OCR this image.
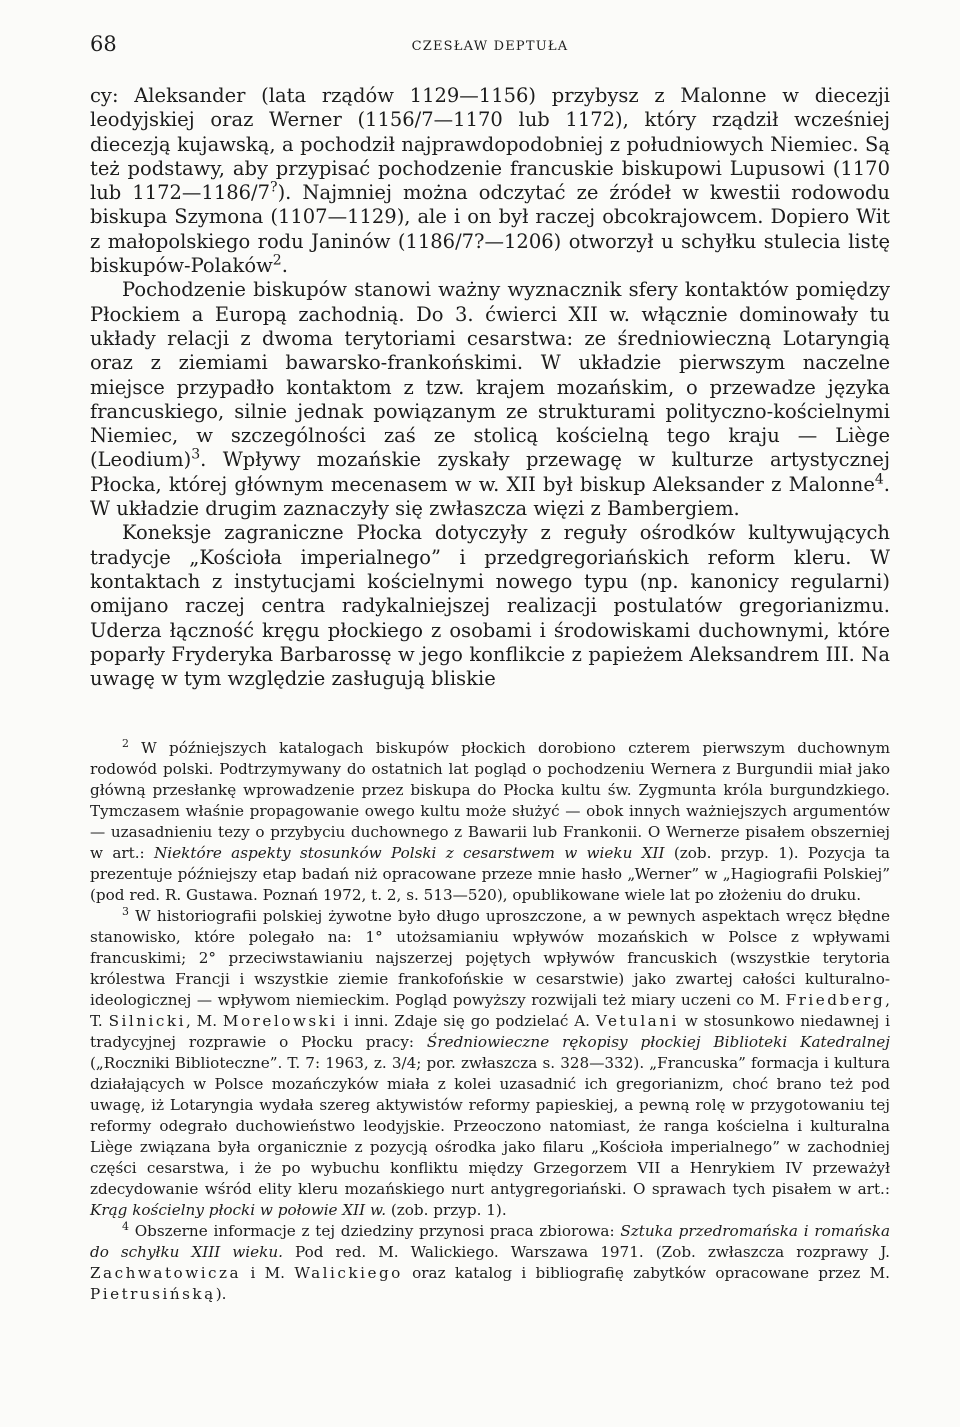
68	CZESŁAW DEPTUŁA

cy: Aleksander (lata rządów 1129—1156) przybysz z Malonne w diecezji leodyjskiej oraz Werner (1156/7—1170 lub 1172), który rządził wcześniej diecezją kujawską, a pochodził najprawdopodobniej z południowych Niemiec. Są też podstawy, aby przypisać pochodzenie francuskie biskupowi Lupusowi (1170 lub 1172—1186/7?). Najmniej można odczytać ze źródeł w kwestii rodowodu biskupa Szymona (1107—1129), ale i on był raczej obcokrajowcem. Dopiero Wit z małopolskiego rodu Janinów (1186/7?—1206) otworzył u schyłku stulecia listę biskupów-Polaków$^2$.

Pochodzenie biskupów stanowi ważny wyznacznik sfery kontaktów pomiędzy Płockiem a Europą zachodnią. Do 3. ćwierci XII w. włącznie dominowały tu układy relacji z dwoma terytoriami cesarstwa: ze średniowieczną Lotaryngią oraz z ziemiami bawarsko-frankońskimi. W układzie pierwszym naczelne miejsce przypadło kontaktom z tzw. krajem mozańskim, o przewadze języka francuskiego, silnie jednak powiązanym ze strukturami polityczno-kościelnymi Niemiec, w szczególności zaś ze stolicą kościelną tego kraju — Liège (Leodium)$^3$. Wpływy mozańskie zyskały przewagę w kulturze artystycznej Płocka, której głównym mecenasem w w. XII był biskup Aleksander z Malonne$^4$. W układzie drugim zaznaczyły się zwłaszcza więzi z Bambergiem.

Koneksje zagraniczne Płocka dotyczyły z reguły ośrodków kultywujących tradycje „Kościoła imperialnego” i przedgregoriańskich reform kleru. W kontaktach z instytucjami kościelnymi nowego typu (np. kanonicy regularni) omijano raczej centra radykalniejszej realizacji postulatów gregorianizmu. Uderza łączność kręgu płockiego z osobami i środowiskami duchownymi, które poparły Fryderyka Barbarossę w jego konflikcie z papieżem Aleksandrem III. Na uwagę w tym względzie zasługują bliskie

$^2$ W późniejszych katalogach biskupów płockich dorobiono czterem pierwszym duchownym rodowód polski. Podtrzymywany do ostatnich lat pogląd o pochodzeniu Wernera z Burgundii miał jako główną przesłankę wprowadzenie przez biskupa do Płocka kultu św. Zygmunta króla burgundzkiego. Tymczasem właśnie propagowanie owego kultu może służyć — obok innych ważniejszych argumentów — uzasadnieniu tezy o przybyciu duchownego z Bawarii lub Frankonii. O Wernerze pisałem obszerniej w art.: Niektóre aspekty stosunków Polski z cesarstwem w wieku XII (zob. przyp. 1). Pozycja ta prezentuje późniejszy etap badań niż opracowane przeze mnie hasło „Werner” w „Hagiografii Polskiej” (pod red. R. Gustawa. Poznań 1972, t. 2, s. 513—520), opublikowane wiele lat po złożeniu do druku.

$^3$ W historiografii polskiej żywotne było długo uproszczone, a w pewnych aspektach wręcz błędne stanowisko, które polegało na: 1° utożsamianiu wpływów mozańskich w Polsce z wpływami francuskimi; 2° przeciwstawianiu najszerzej pojętych wpływów francuskich (wszystkie terytoria królestwa Francji i wszystkie ziemie frankofońskie w cesarstwie) jako zwartej całości kulturalno-ideologicznej — wpływom niemieckim. Pogląd powyższy rozwijali też miary uczeni co M. Friedberg, T. Silnicki, M. Morelowski i inni. Zdaje się go podzielać A. Vetulani w stosunkowo niedawnej i tradycyjnej rozprawie o Płocku pracy: Średniowieczne rękopisy płockiej Biblioteki Katedralnej („Roczniki Biblioteczne”. T. 7: 1963, z. 3/4; por. zwłaszcza s. 328—332). „Francuska” formacja i kultura działających w Polsce mozańczyków miała z kolei uzasadnić ich gregorianizm, choć brano też pod uwagę, iż Lotaryngia wydała szereg aktywistów reformy papieskiej, a pewną rolę w przygotowaniu tej reformy odegrało duchowieństwo leodyjskie. Przeoczono natomiast, że ranga kościelna i kulturalna Liège związana była organicznie z pozycją ośrodka jako filaru „Kościoła imperialnego” w zachodniej części cesarstwa, i że po wybuchu konfliktu między Grzegorzem VII a Henrykiem IV przeważył zdecydowanie wśród elity kleru mozańskiego nurt antygregoriański. O sprawach tych pisałem w art.: Krąg kościelny płocki w połowie XII w. (zob. przyp. 1).

$^4$ Obszerne informacje z tej dziedziny przynosi praca zbiorowa: Sztuka przedromańska i romańska do schyłku XIII wieku. Pod red. M. Walickiego. Warszawa 1971. (Zob. zwłaszcza rozprawy J. Zachwatowicza i M. Walickiego oraz katalog i bibliografię zabytków opracowane przez M. Pietrusińską).
